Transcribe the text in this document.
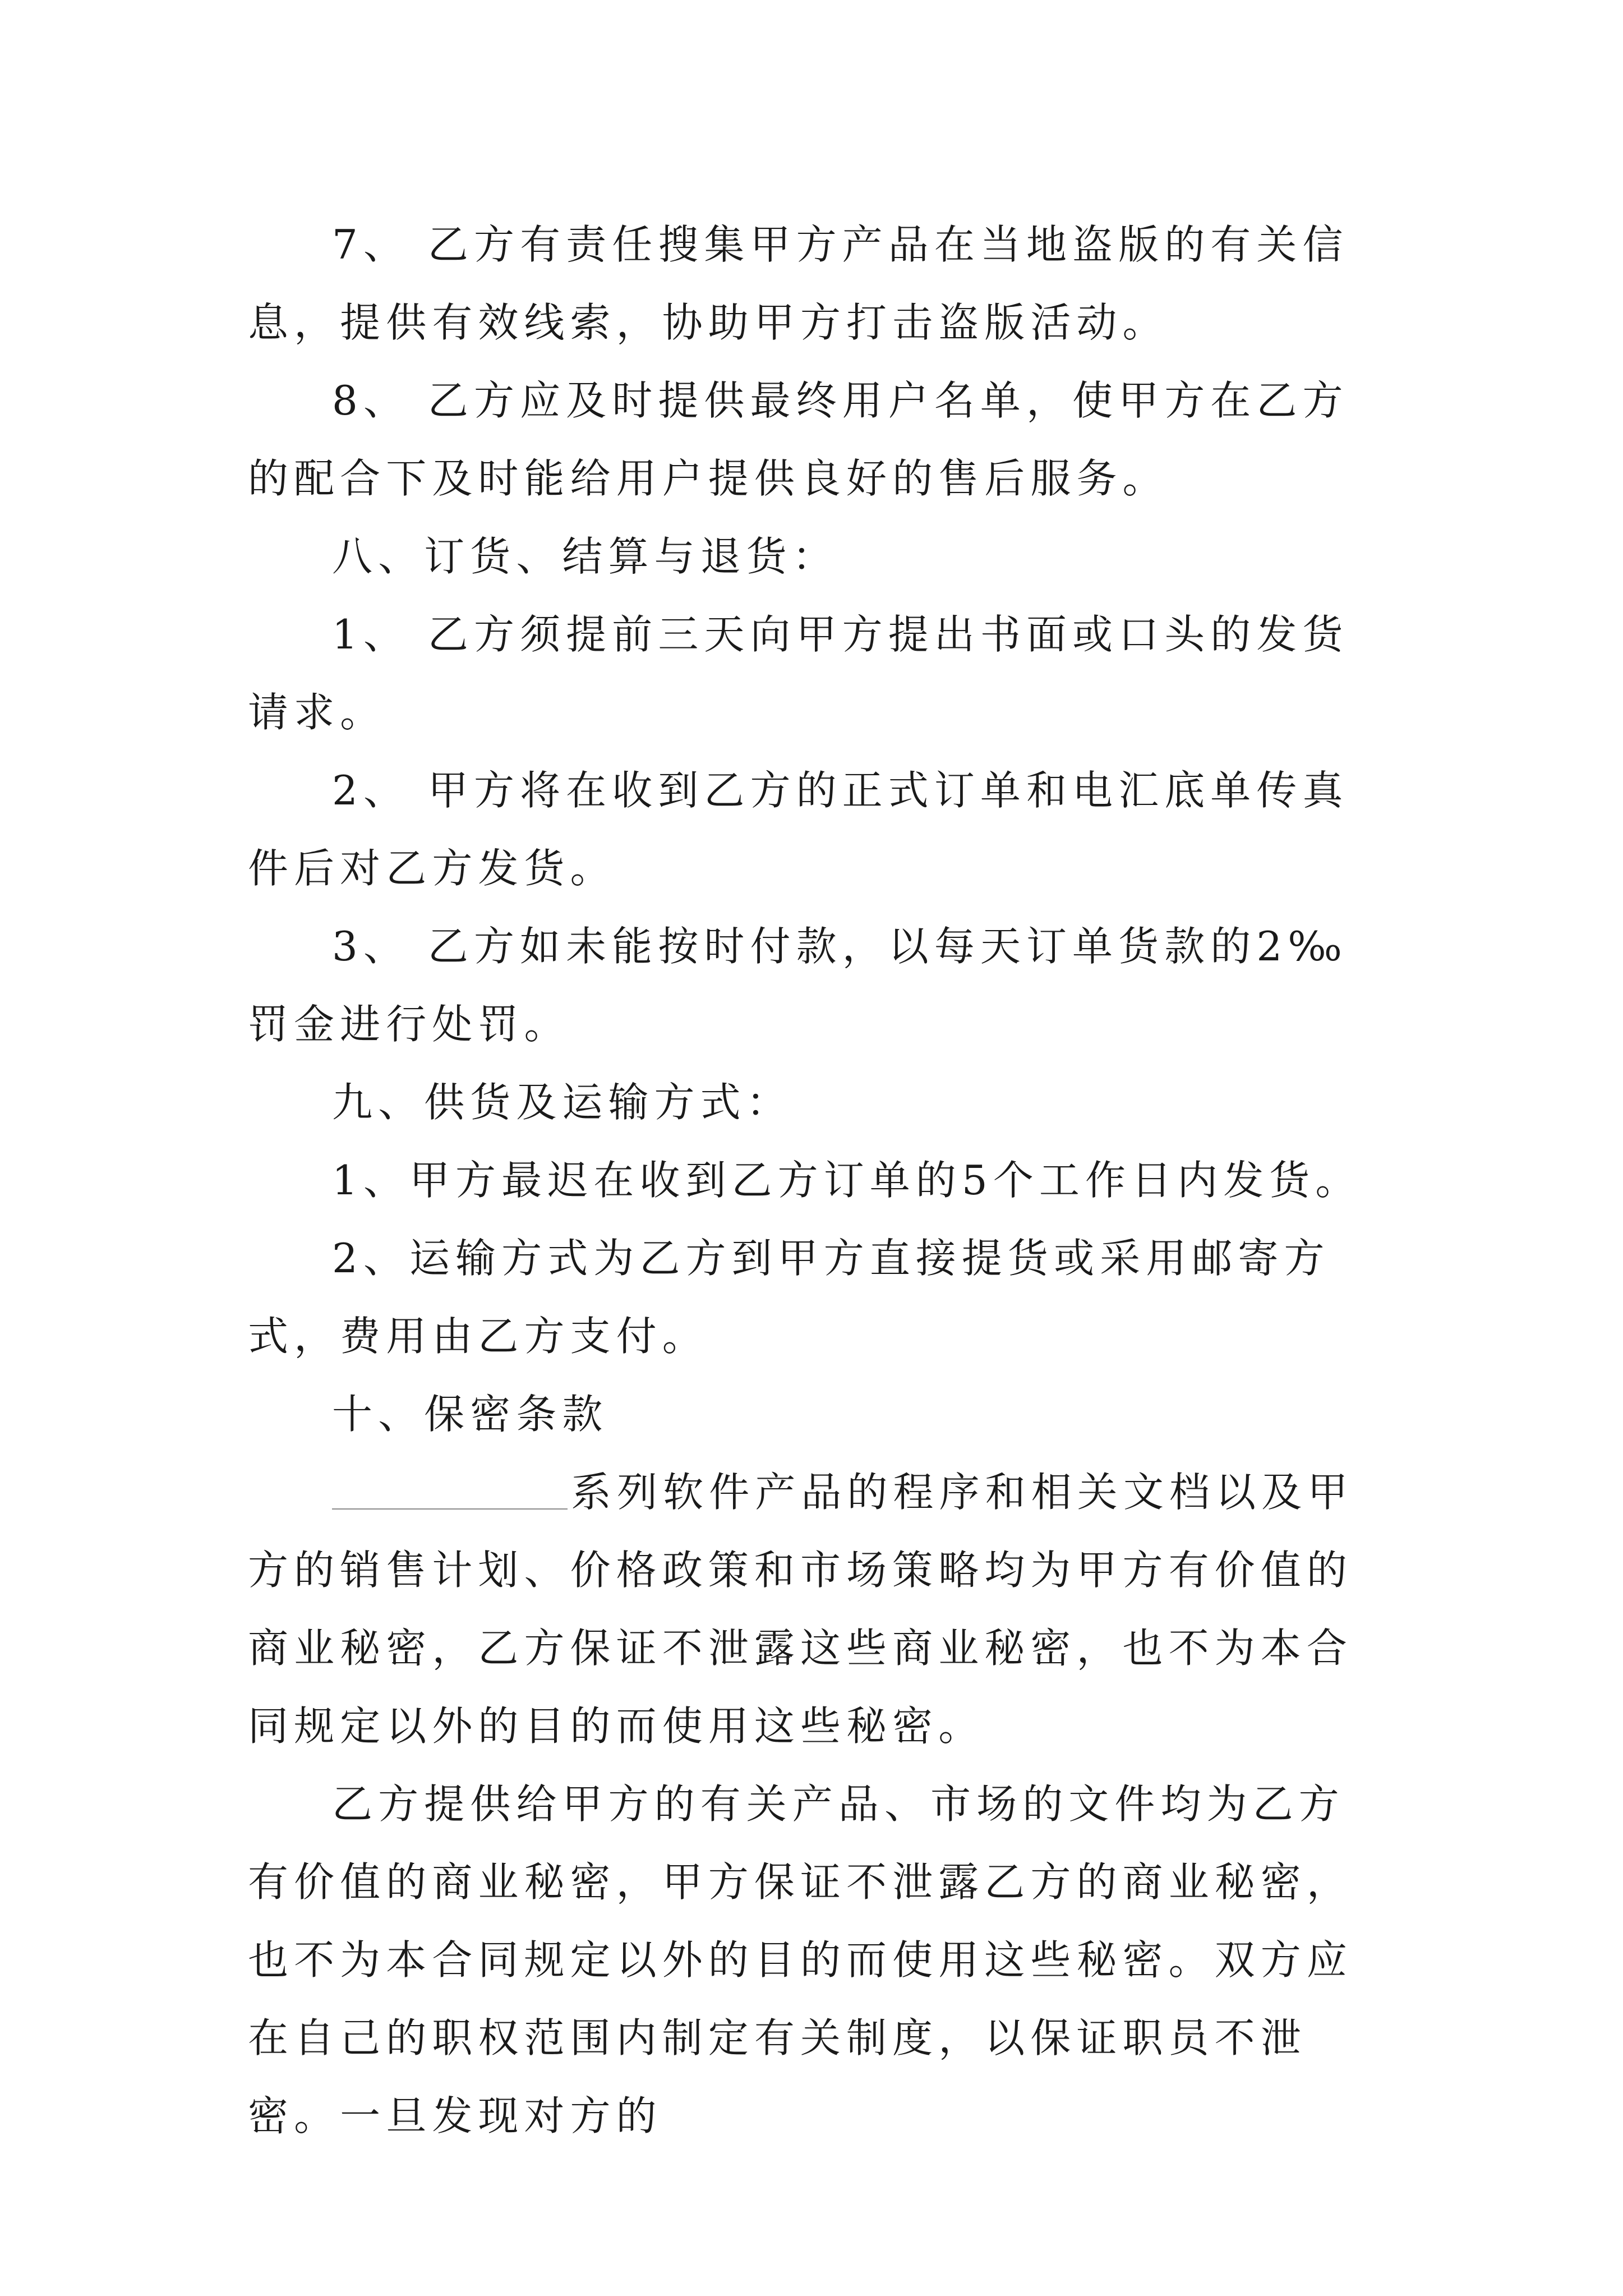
7、 乙方有责任搜集甲方产品在当地盗版的有关信息，提供有效线索，协助甲方打击盗版活动。

8、 乙方应及时提供最终用户名单，使甲方在乙方的配合下及时能给用户提供良好的售后服务。

八、订货、结算与退货：

1、 乙方须提前三天向甲方提出书面或口头的发货请求。

2、 甲方将在收到乙方的正式订单和电汇底单传真件后对乙方发货。

3、 乙方如未能按时付款，以每天订单货款的2‰罚金进行处罚。

九、供货及运输方式：

1、甲方最迟在收到乙方订单的5个工作日内发货。

2、运输方式为乙方到甲方直接提货或采用邮寄方式，费用由乙方支付。

十、保密条款

系列软件产品的程序和相关文档以及甲方的销售计划、价格政策和市场策略均为甲方有价值的商业秘密，乙方保证不泄露这些商业秘密，也不为本合同规定以外的目的而使用这些秘密。

乙方提供给甲方的有关产品、市场的文件均为乙方有价值的商业秘密，甲方保证不泄露乙方的商业秘密，也不为本合同规定以外的目的而使用这些秘密。双方应在自己的职权范围内制定有关制度，以保证职员不泄密。一旦发现对方的
